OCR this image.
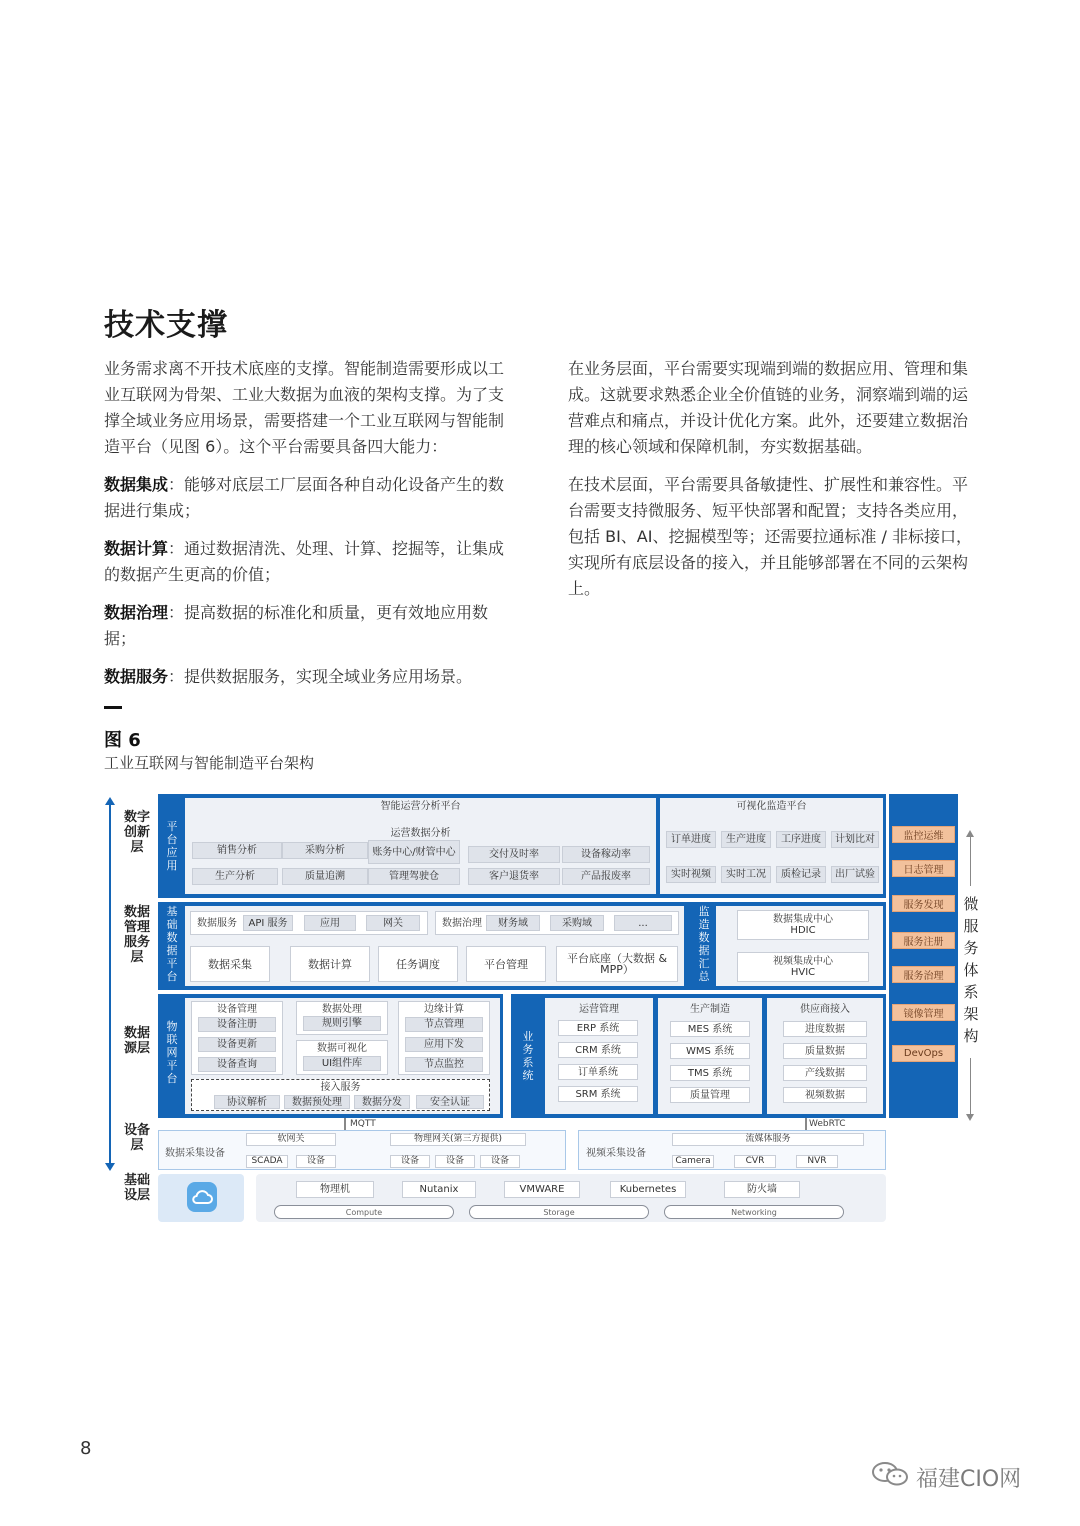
技术支撑

业务需求离不开技术底座的支撑。智能制造需要形成以工业互联网为骨架、工业大数据为血液的架构支撑。为了支撑全域业务应用场景，需要搭建一个工业互联网与智能制造平台（见图 6）。这个平台需要具备四大能力：

数据集成：能够对底层工厂层面各种自动化设备产生的数据进行集成；

数据计算：通过数据清洗、处理、计算、挖掘等，让集成的数据产生更高的价值；

数据治理：提高数据的标准化和质量，更有效地应用数据；

数据服务：提供数据服务，实现全域业务应用场景。

在业务层面，平台需要实现端到端的数据应用、管理和集成。这就要求熟悉企业全价值链的业务，洞察端到端的运营难点和痛点，并设计优化方案。此外，还要建立数据治理的核心领域和保障机制，夯实数据基础。

在技术层面，平台需要具备敏捷性、扩展性和兼容性。平台需要支持微服务、短平快部署和配置；支持各类应用，包括 BI、AI、挖掘模型等；还需要拉通标准 / 非标接口，实现所有底层设备的接入，并且能够部署在不同的云架构上。

图 6
工业互联网与智能制造平台架构
数字创新层
数据管理服务层
数据源层
设备层
基础设层
平台应用
智能运营分析平台
运营数据分析
销售分析	采购分析	账务中心/财管中心	交付及时率	设备稼动率
生产分析	质量追溯	管理驾驶仓	客户退货率	产品报废率
可视化监造平台
订单进度	生产进度	工序进度	计划比对
实时视频	实时工况	质检记录	出厂试验
基础数据平台
数据服务	API 服务	应用	网关	数据治理	财务域	采购域	...
数据采集	数据计算	任务调度	平台管理	平台底座（大数据 & MPP）
监造数据汇总
数据集成中心 HDIC
视频集成中心 HVIC
物联网平台
设备管理
设备注册
设备更新
设备查询
数据处理
规则引擎
数据可视化
UI组件库
边缘计算
节点管理
应用下发
节点监控
接入服务
协议解析	数据预处理	数据分发	安全认证
业务系统
运营管理
ERP 系统
CRM 系统
订单系统
SRM 系统
生产制造
MES 系统
WMS 系统
TMS 系统
质量管理
供应商接入
进度数据
质量数据
产线数据
视频数据
MQTT	WebRTC
数据采集设备
软网关
SCADA	设备
物理网关(第三方提供)
设备	设备	设备
视频采集设备
流媒体服务
Camera	CVR	NVR
物理机	Nutanix	VMWARE	Kubernetes	防火墙
Compute	Storage	Networking
监控运维
日志管理
服务发现
服务注册
服务治理
镜像管理
DevOps
微服务体系架构
8
福建CIO网
